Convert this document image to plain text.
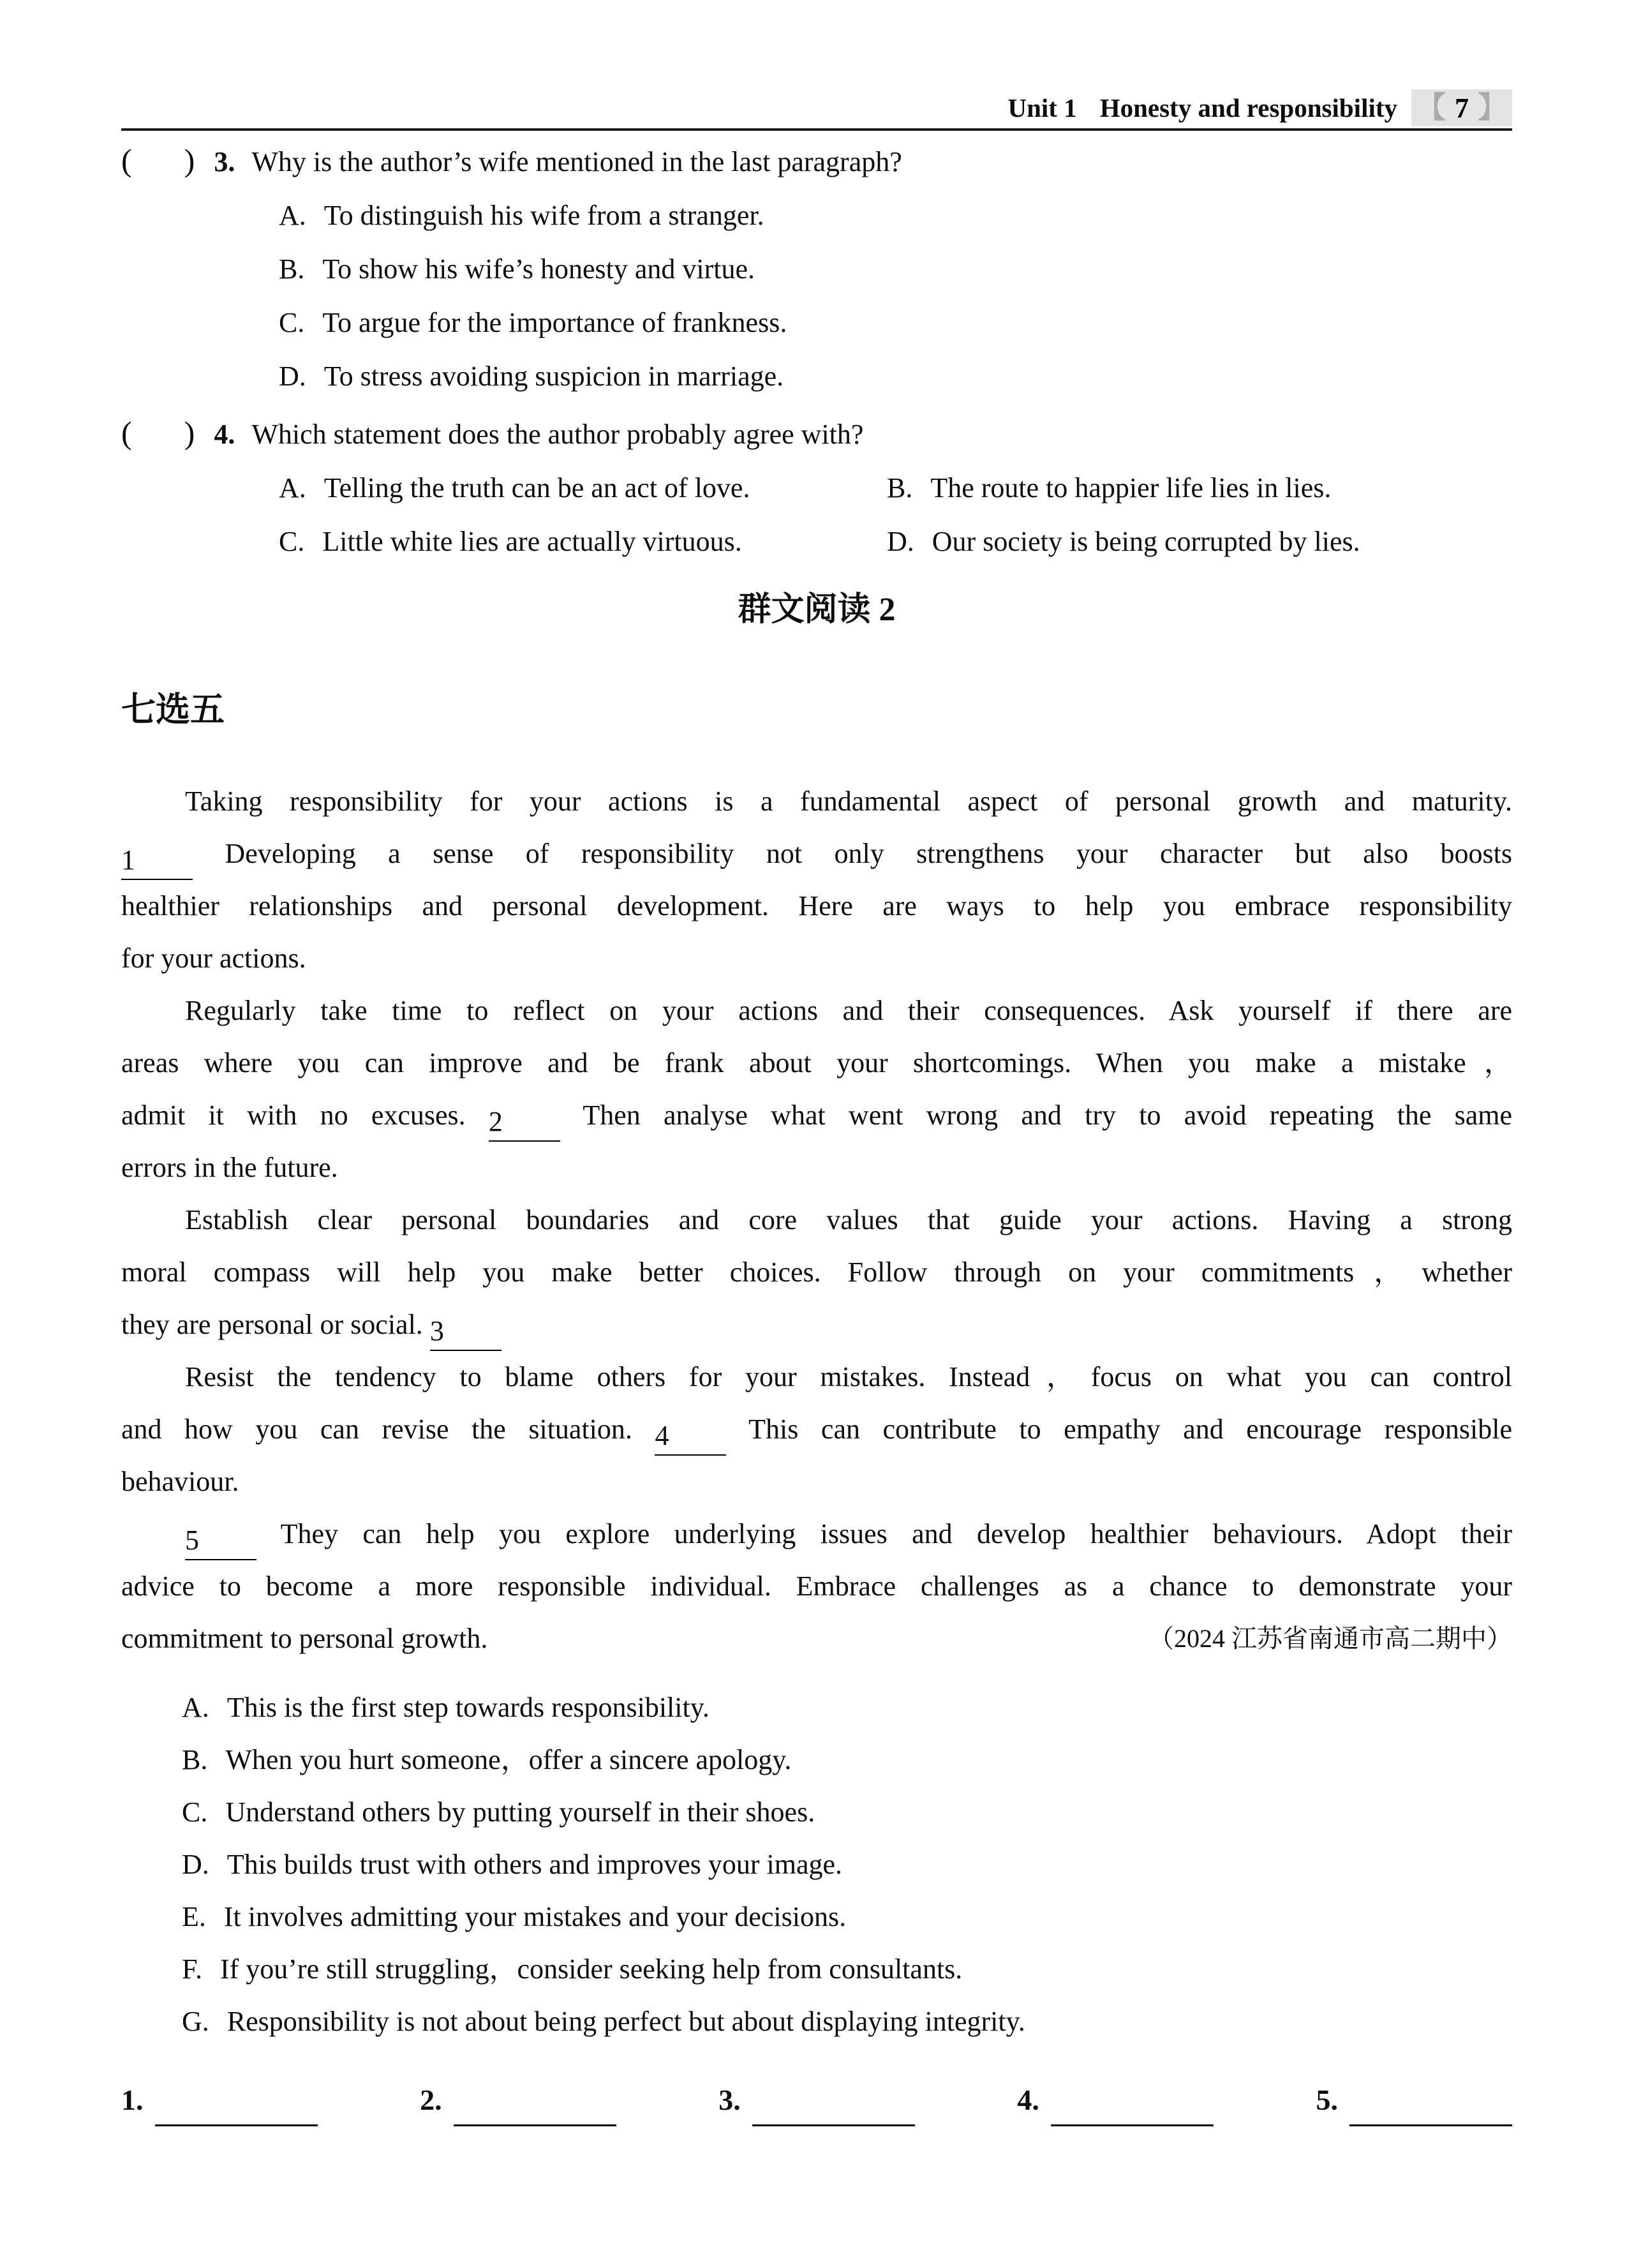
Unit 1 Honesty and responsibility 【 7 】
( ) 3. Why is the author’s wife mentioned in the last paragraph?
A. To distinguish his wife from a stranger.
B. To show his wife’s honesty and virtue.
C. To argue for the importance of frankness.
D. To stress avoiding suspicion in marriage.
( ) 4. Which statement does the author probably agree with?
A. Telling the truth can be an act of love.	B. The route to happier life lies in lies.
C. Little white lies are actually virtuous.	D. Our society is being corrupted by lies.
群文阅读 2
七选五
Taking responsibility for your actions is a fundamental aspect of personal growth and maturity.
1	Developing a sense of responsibility not only strengthens your character but also boosts
healthier relationships and personal development. Here are ways to help you embrace responsibility
for your actions.
Regularly take time to reflect on your actions and their consequences. Ask yourself if there are
areas where you can improve and be frank about your shortcomings. When you make a mistake，
admit it with no excuses. 2	Then analyse what went wrong and try to avoid repeating the same
errors in the future.
Establish clear personal boundaries and core values that guide your actions. Having a strong
moral compass will help you make better choices. Follow through on your commitments，whether
they are personal or social. 3
Resist the tendency to blame others for your mistakes. Instead，focus on what you can control
and how you can revise the situation. 4	This can contribute to empathy and encourage responsible
behaviour.
5	They can help you explore underlying issues and develop healthier behaviours. Adopt their
advice to become a more responsible individual. Embrace challenges as a chance to demonstrate your
commitment to personal growth.	（2024 江苏省南通市高二期中）
A. This is the first step towards responsibility.
B. When you hurt someone，offer a sincere apology.
C. Understand others by putting yourself in their shoes.
D. This builds trust with others and improves your image.
E. It involves admitting your mistakes and your decisions.
F. If you’re still struggling，consider seeking help from consultants.
G. Responsibility is not about being perfect but about displaying integrity.
1.	2.	3.	4.	5.
